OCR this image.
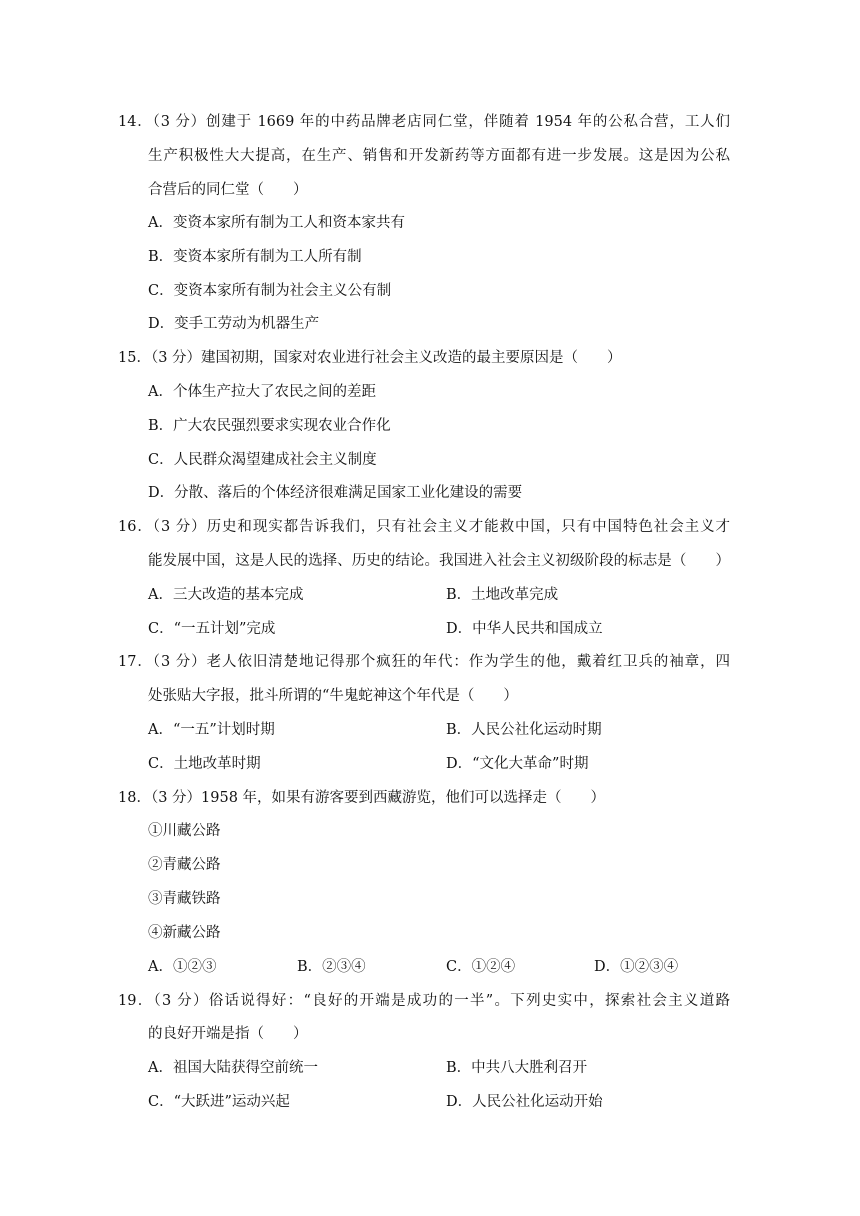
14．（3 分）创建于 1669 年的中药品牌老店同仁堂，伴随着 1954 年的公私合营，工人们
生产积极性大大提高，在生产、销售和开发新药等方面都有进一步发展。这是因为公私
合营后的同仁堂（　　）
A．变资本家所有制为工人和资本家共有
B．变资本家所有制为工人所有制
C．变资本家所有制为社会主义公有制
D．变手工劳动为机器生产
15．（3 分）建国初期，国家对农业进行社会主义改造的最主要原因是（　　）
A．个体生产拉大了农民之间的差距
B．广大农民强烈要求实现农业合作化
C．人民群众渴望建成社会主义制度
D．分散、落后的个体经济很难满足国家工业化建设的需要
16．（3 分）历史和现实都告诉我们，只有社会主义才能救中国，只有中国特色社会主义才
能发展中国，这是人民的选择、历史的结论。我国进入社会主义初级阶段的标志是（　　）
A．三大改造的基本完成	B．土地改革完成
C．“一五计划”完成	D．中华人民共和国成立
17．（3 分）老人依旧清楚地记得那个疯狂的年代：作为学生的他，戴着红卫兵的袖章，四
处张贴大字报，批斗所谓的“牛鬼蛇神这个年代是（　　）
A．“一五”计划时期	B．人民公社化运动时期
C．土地改革时期	D．“文化大革命”时期
18．（3 分）1958 年，如果有游客要到西藏游览，他们可以选择走（　　）
①川藏公路
②青藏公路
③青藏铁路
④新藏公路
A．①②③	B．②③④	C．①②④	D．①②③④
19．（3 分）俗话说得好：“良好的开端是成功的一半”。下列史实中，探索社会主义道路
的良好开端是指（　　）
A．祖国大陆获得空前统一	B．中共八大胜利召开
C．“大跃进”运动兴起	D．人民公社化运动开始
